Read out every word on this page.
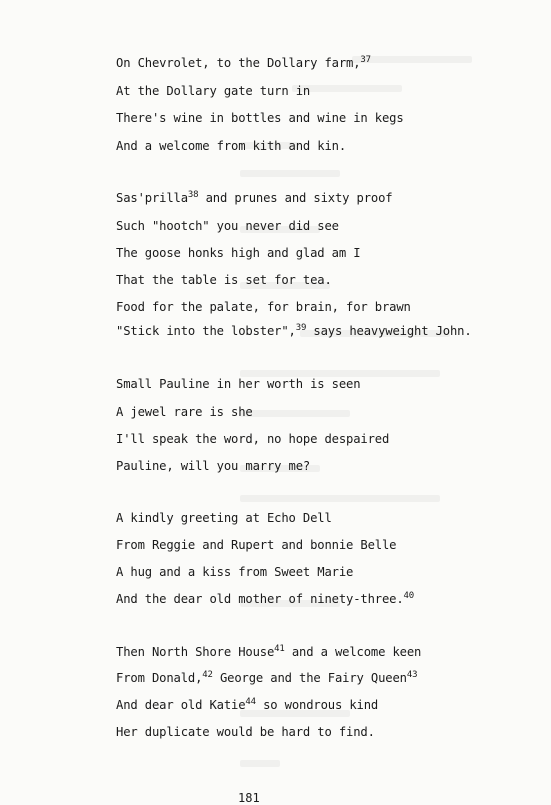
On Chevrolet, to the Dollary farm,$^{37}$
At the Dollary gate turn in
There's wine in bottles and wine in kegs
And a welcome from kith and kin.
Sas'prilla$^{38}$ and prunes and sixty proof
Such "hootch" you never did see
The goose honks high and glad am I
That the table is set for tea.
Food for the palate, for brain, for brawn
"Stick into the lobster",$^{39}$ says heavyweight John.
Small Pauline in her worth is seen
A jewel rare is she
I'll speak the word, no hope despaired
Pauline, will you marry me?
A kindly greeting at Echo Dell
From Reggie and Rupert and bonnie Belle
A hug and a kiss from Sweet Marie
And the dear old mother of ninety-three.$^{40}$
Then North Shore House$^{41}$ and a welcome keen
From Donald,$^{42}$ George and the Fairy Queen$^{43}$
And dear old Katie$^{44}$ so wondrous kind
Her duplicate would be hard to find.
181
